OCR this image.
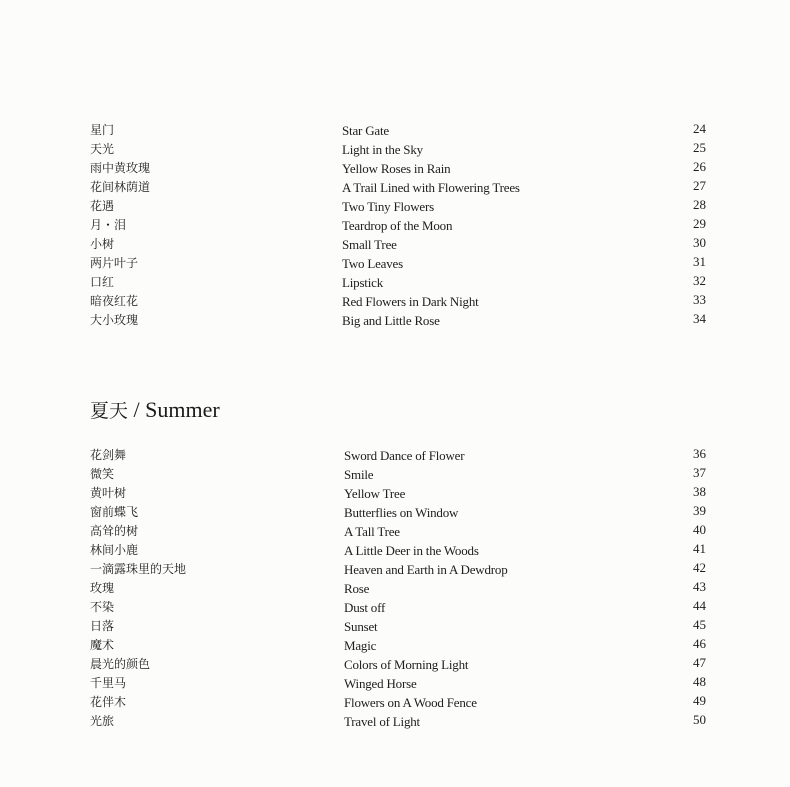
星门	Star Gate	24
天光	Light in the Sky	25
雨中黄玫瑰	Yellow Roses in Rain	26
花间林荫道	A Trail Lined with Flowering Trees	27
花遇	Two Tiny Flowers	28
月・泪	Teardrop of the Moon	29
小树	Small Tree	30
两片叶子	Two Leaves	31
口红	Lipstick	32
暗夜红花	Red Flowers in Dark Night	33
大小玫瑰	Big and Little Rose	34
夏天 / Summer
花剑舞	Sword Dance of Flower	36
微笑	Smile	37
黄叶树	Yellow Tree	38
窗前蝶飞	Butterflies on Window	39
高耸的树	A Tall Tree	40
林间小鹿	A Little Deer in the Woods	41
一滴露珠里的天地	Heaven and Earth in A Dewdrop	42
玫瑰	Rose	43
不染	Dust off	44
日落	Sunset	45
魔术	Magic	46
晨光的颜色	Colors of Morning Light	47
千里马	Winged Horse	48
花伴木	Flowers on A Wood Fence	49
光旅	Travel of Light	50
